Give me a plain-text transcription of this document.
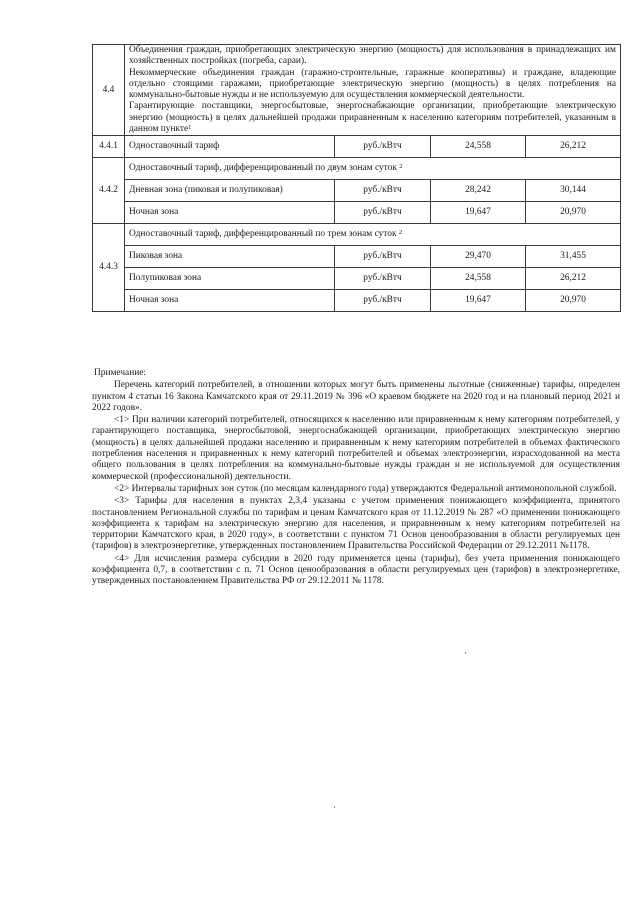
4.4	Объединения граждан, приобретающих электрическую энергию (мощность) для использования в принадлежащих им хозяйственных постройках (погреба, сараи).

Некоммерческие объединения граждан (гаражно-строительные, гаражные кооперативы) и граждане, владеющие отдельно стоящими гаражами, приобретающие электрическую энергию (мощность) в целях потребления на коммунально-бытовые нужды и не используемую для осуществления коммерческой деятельности.

Гарантирующие поставщики, энергосбытовые, энергоснабжающие организации, приобретающие электрическую энергию (мощность) в целях дальнейшей продажи приравненным к населению категориям потребителей, указанным в данном пункте$^1$

4.4.1	Одноставочный тариф	руб./кВтч	24,558	26,212
4.4.2	Одноставочный тариф, дифференцированный по двум зонам суток $^2$
	Дневная зона (пиковая и полупиковая)	руб./кВтч	28,242	30,144
	Ночная зона	руб./кВтч	19,647	20,970
4.4.3	Одноставочный тариф, дифференцированный по трем зонам суток $^2$
	Пиковая зона	руб./кВтч	29,470	31,455
	Полупиковая зона	руб./кВтч	24,558	26,212
	Ночная зона	руб./кВтч	19,647	20,970

Примечание:

Перечень категорий потребителей, в отношении которых могут быть применены льготные (сниженные) тарифы, определен пунктом 4 статьи 16 Закона Камчатского края от 29.11.2019 № 396 «О краевом бюджете на 2020 год и на плановый период 2021 и 2022 годов».

<1> При наличии категорий потребителей, относящихся к населению или приравненным к нему категориям потребителей, у гарантирующего поставщика, энергосбытовой, энергоснабжающей организации, приобретающих электрическую энергию (мощность) в целях дальнейшей продажи населению и приравненным к нему категориям потребителей в объемах фактического потребления населения и приравненных к нему категорий потребителей и объемах электроэнергии, израсходованной на места общего пользования в целях потребления на коммунально-бытовые нужды граждан и не используемой для осуществления коммерческой (профессиональной) деятельности.

<2> Интервалы тарифных зон суток (по месяцам календарного года) утверждаются Федеральной антимонопольной службой.

<3> Тарифы для населения в пунктах 2,3,4 указаны с учетом применения понижающего коэффициента, принятого постановлением Региональной службы по тарифам и ценам Камчатского края от 11.12.2019 № 287 «О применении понижающего коэффициента к тарифам на электрическую энергию для населения, и приравненным к нему категориям потребителей на территории Камчатского края, в 2020 году», в соответствии с пунктом 71 Основ ценообразования в области регулируемых цен (тарифов) в электроэнергетике, утвержденных постановлением Правительства Российской Федерации от 29.12.2011 №1178.

<4> Для исчисления размера субсидии в 2020 году применяется цены (тарифы), без учета применения понижающего коэффициента 0,7, в соответствии с п. 71 Основ ценообразования в области регулируемых цен (тарифов) в электроэнергетике, утвержденных постановлением Правительства РФ от 29.12.2011 № 1178.
